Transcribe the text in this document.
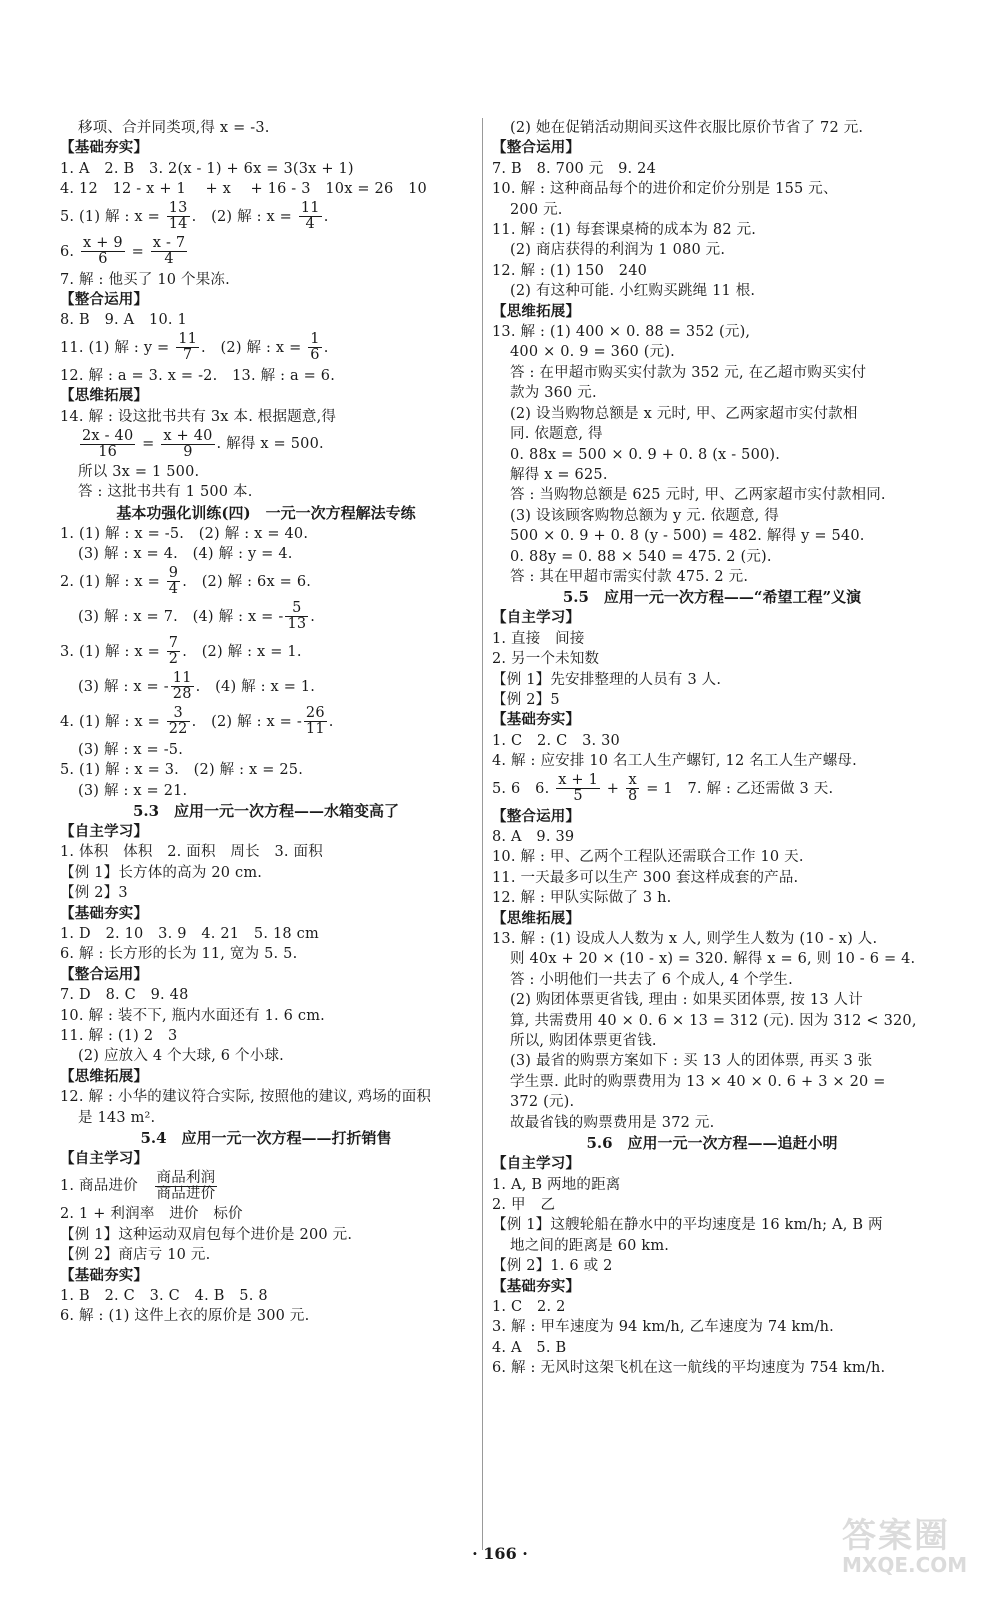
移项、合并同类项,得 x = -3.
【 基础夯实 】
1. A　2. B　3. 2(x - 1) + 6x = 3(3x + 1)
4. 12　12 - x + 1　 + x　 + 16 - 3　10x = 26　10
5. (1) 解 : $x = \frac{13}{14}$ .　(2) 解 : $x = \frac{11}{4}$ .
6. $\frac{x + 9}{6} = \frac{x - 7}{4}$
7. 解 : 他买了 10 个果冻.
【 整合运用 】
8. B　9. A　10. 1
11. (1) 解 : $y = \frac{11}{7}$ .　(2) 解 : $x = \frac{1}{6}$ .
12. 解 : a = 3. x = -2.　13. 解 : a = 6.
【 思维拓展 】
14. 解 : 设这批书共有 3x 本. 根据题意,得
$\frac{2x - 40}{16} = \frac{x + 40}{9}$ . 解得 x = 500.
所以 3x = 1 500.
答 : 这批书共有 1 500 本.
基本功强化训练(四)　一元一次方程解法专练
1. (1) 解 : x = -5.　(2) 解 : x = 40.
(3) 解 : x = 4.　(4) 解 : y = 4.
2. (1) 解 : $x = \frac{9}{4}$ .　(2) 解 : 6x = 6.
(3) 解 : x = 7.　(4) 解 : x = - $\frac{5}{13}$ .
3. (1) 解 : $x = \frac{7}{2}$ .　(2) 解 : x = 1.
(3) 解 : x = - $\frac{11}{28}$ .　(4) 解 : x = 1.
4. (1) 解 : $x = \frac{3}{22}$ .　(2) 解 : x = - $\frac{26}{11}$ .
(3) 解 : x = -5.
5. (1) 解 : x = 3.　(2) 解 : x = 25.
(3) 解 : x = 21.
5.3　应用一元一次方程——水箱变高了
【 自主学习 】
1. 体积　体积　2. 面积　周长　3. 面积
【例 1】长方体的高为 20 cm.
【例 2】3
【 基础夯实 】
1. D　2. 10　3. 9　4. 21　5. 18 cm
6. 解 : 长方形的长为 11, 宽为 5. 5.
【 整合运用 】
7. D　8. C　9. 48
10. 解 : 装不下, 瓶内水面还有 1. 6 cm.
11. 解 : (1) 2　3
(2) 应放入 4 个大球, 6 个小球.
【 思维拓展 】
12. 解 : 小华的建议符合实际, 按照他的建议, 鸡场的面积
是 143 m².
5.4　应用一元一次方程——打折销售
【 自主学习 】
1. 商品进价　 $\frac{\text{商品利润}}{\text{商品进价}}$
2. 1 + 利润率　进价　标价
【例 1】这种运动双肩包每个进价是 200 元.
【例 2】商店亏 10 元.
【 基础夯实 】
1. B　2. C　3. C　4. B　5. 8
6. 解 : (1) 这件上衣的原价是 300 元.
(2) 她在促销活动期间买这件衣服比原价节省了 72 元.
【 整合运用 】
7. B　8. 700 元　9. 24
10. 解 : 这种商品每个的进价和定价分别是 155 元、
200 元.
11. 解 : (1) 每套课桌椅的成本为 82 元.
(2) 商店获得的利润为 1 080 元.
12. 解 : (1) 150　240
(2) 有这种可能. 小红购买跳绳 11 根.
【 思维拓展 】
13. 解 : (1) 400 × 0. 88 = 352 (元),
400 × 0. 9 = 360 (元).
答 : 在甲超市购买实付款为 352 元, 在乙超市购买实付
款为 360 元.
(2) 设当购物总额是 x 元时, 甲、乙两家超市实付款相
同. 依题意, 得
0. 88x = 500 × 0. 9 + 0. 8 (x - 500).
解得 x = 625.
答 : 当购物总额是 625 元时, 甲、乙两家超市实付款相同.
(3) 设该顾客购物总额为 y 元. 依题意, 得
500 × 0. 9 + 0. 8 (y - 500) = 482. 解得 y = 540.
0. 88y = 0. 88 × 540 = 475. 2 (元).
答 : 其在甲超市需实付款 475. 2 元.
5.5　应用一元一次方程——“希望工程”义演
【 自主学习 】
1. 直接　间接
2. 另一个未知数
【例 1】先安排整理的人员有 3 人.
【例 2】5
【 基础夯实 】
1. C　2. C　3. 30
4. 解 : 应安排 10 名工人生产螺钉, 12 名工人生产螺母.
5. 6　6. $\frac{x + 1}{5} + \frac{x}{8} = 1$　7. 解 : 乙还需做 3 天.
【 整合运用 】
8. A　9. 39
10. 解 : 甲、乙两个工程队还需联合工作 10 天.
11. 一天最多可以生产 300 套这样成套的产品.
12. 解 : 甲队实际做了 3 h.
【 思维拓展 】
13. 解 : (1) 设成人人数为 x 人, 则学生人数为 (10 - x) 人.
则 40x + 20 × (10 - x) = 320. 解得 x = 6, 则 10 - 6 = 4.
答 : 小明他们一共去了 6 个成人, 4 个学生.
(2) 购团体票更省钱, 理由 : 如果买团体票, 按 13 人计
算, 共需费用 40 × 0. 6 × 13 = 312 (元). 因为 312 < 320,
所以, 购团体票更省钱.
(3) 最省的购票方案如下 : 买 13 人的团体票, 再买 3 张
学生票. 此时的购票费用为 13 × 40 × 0. 6 + 3 × 20 =
372 (元).
故最省钱的购票费用是 372 元.
5.6　应用一元一次方程——追赶小明
【 自主学习 】
1. A, B 两地的距离
2. 甲　乙
【例 1】这艘轮船在静水中的平均速度是 16 km/h; A, B 两
地之间的距离是 60 km.
【例 2】1. 6 或 2
【 基础夯实 】
1. C　2. 2
3. 解 : 甲车速度为 94 km/h, 乙车速度为 74 km/h.
4. A　5. B
6. 解 : 无风时这架飞机在这一航线的平均速度为 754 km/h.
· 166 ·	答案圈
MXQE.COM
